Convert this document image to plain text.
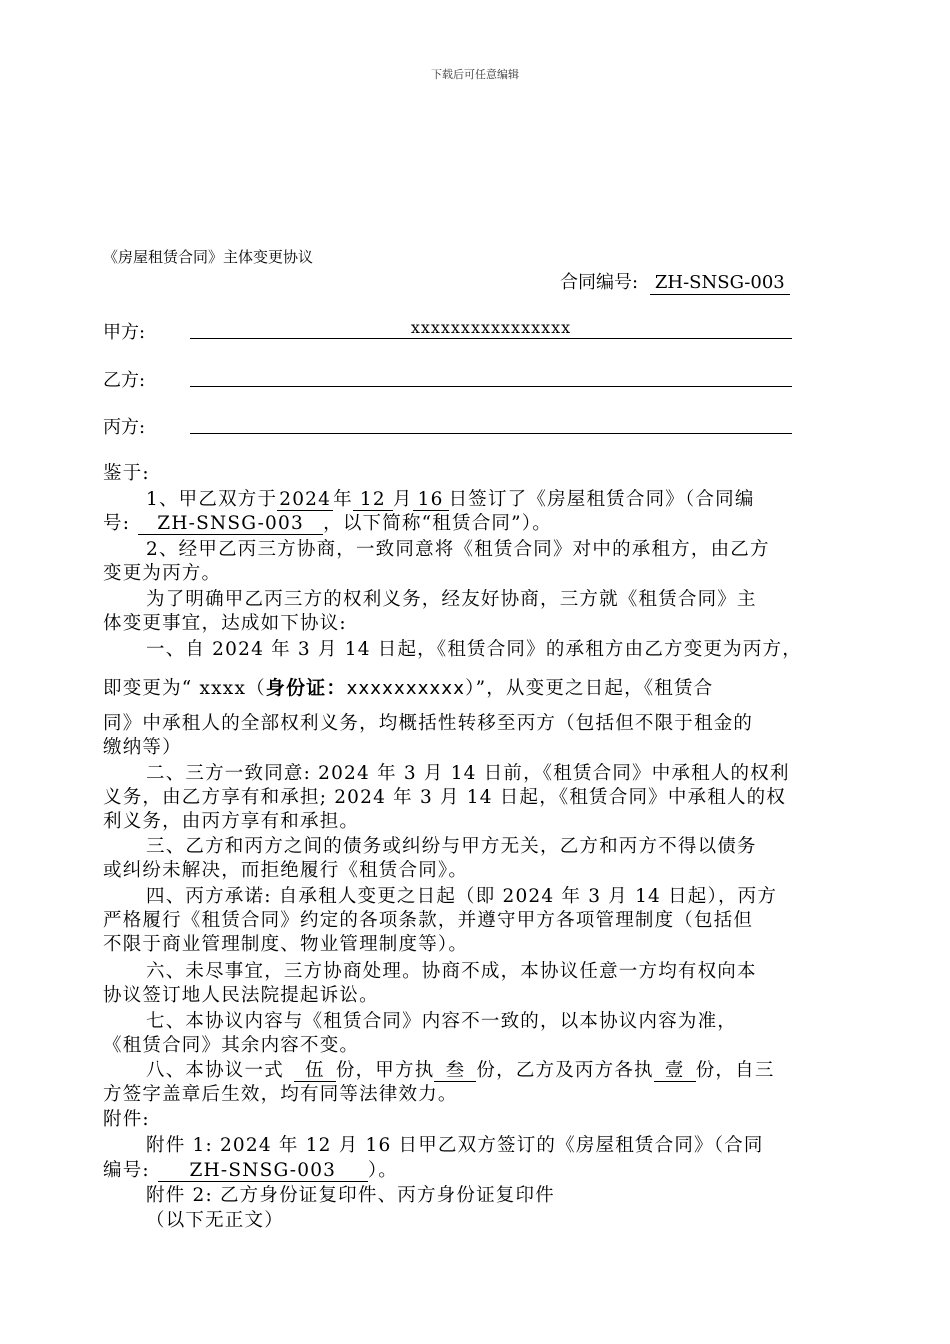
下载后可任意编辑
《房屋租赁合同》主体变更协议
合同编号: ZH-SNSG-003
甲方:	xxxxxxxxxxxxxxxx
乙方:
丙方:
鉴于:
1、甲乙双方于 2024 年 12 月 16 日签订了《房屋租赁合同》（合同编
号: ZH-SNSG-003 ，以下简称“租赁合同”）。
2、经甲乙丙三方协商，一致同意将《租赁合同》对中的承租方，由乙方
变更为丙方。
为了明确甲乙丙三方的权利义务，经友好协商，三方就《租赁合同》主
体变更事宜，达成如下协议:
一、自 2024 年 3 月 14 日起，《租赁合同》的承租方由乙方变更为丙方，
即变更为“ xxxx（身份证：xxxxxxxxxx）”，从变更之日起，《租赁合
同》中承租人的全部权利义务，均概括性转移至丙方（包括但不限于租金的
缴纳等）
二、三方一致同意: 2024 年 3 月 14 日前，《租赁合同》中承租人的权利
义务，由乙方享有和承担; 2024 年 3 月 14 日起，《租赁合同》中承租人的权
利义务，由丙方享有和承担。
三、乙方和丙方之间的债务或纠纷与甲方无关，乙方和丙方不得以债务
或纠纷未解决，而拒绝履行《租赁合同》。
四、丙方承诺: 自承租人变更之日起（即 2024 年 3 月 14 日起），丙方
严格履行《租赁合同》约定的各项条款，并遵守甲方各项管理制度（包括但
不限于商业管理制度、物业管理制度等）。
六、未尽事宜，三方协商处理。协商不成，本协议任意一方均有权向本
协议签订地人民法院提起诉讼。
七、本协议内容与《租赁合同》内容不一致的，以本协议内容为准，
《租赁合同》其余内容不变。
八、本协议一式 伍 份，甲方执 叁 份，乙方及丙方各执 壹 份，自三
方签字盖章后生效，均有同等法律效力。
附件:
附件 1: 2024 年 12 月 16 日甲乙双方签订的《房屋租赁合同》（合同
编号: ZH-SNSG-003 ）。
附件 2: 乙方身份证复印件、丙方身份证复印件
（以下无正文）
